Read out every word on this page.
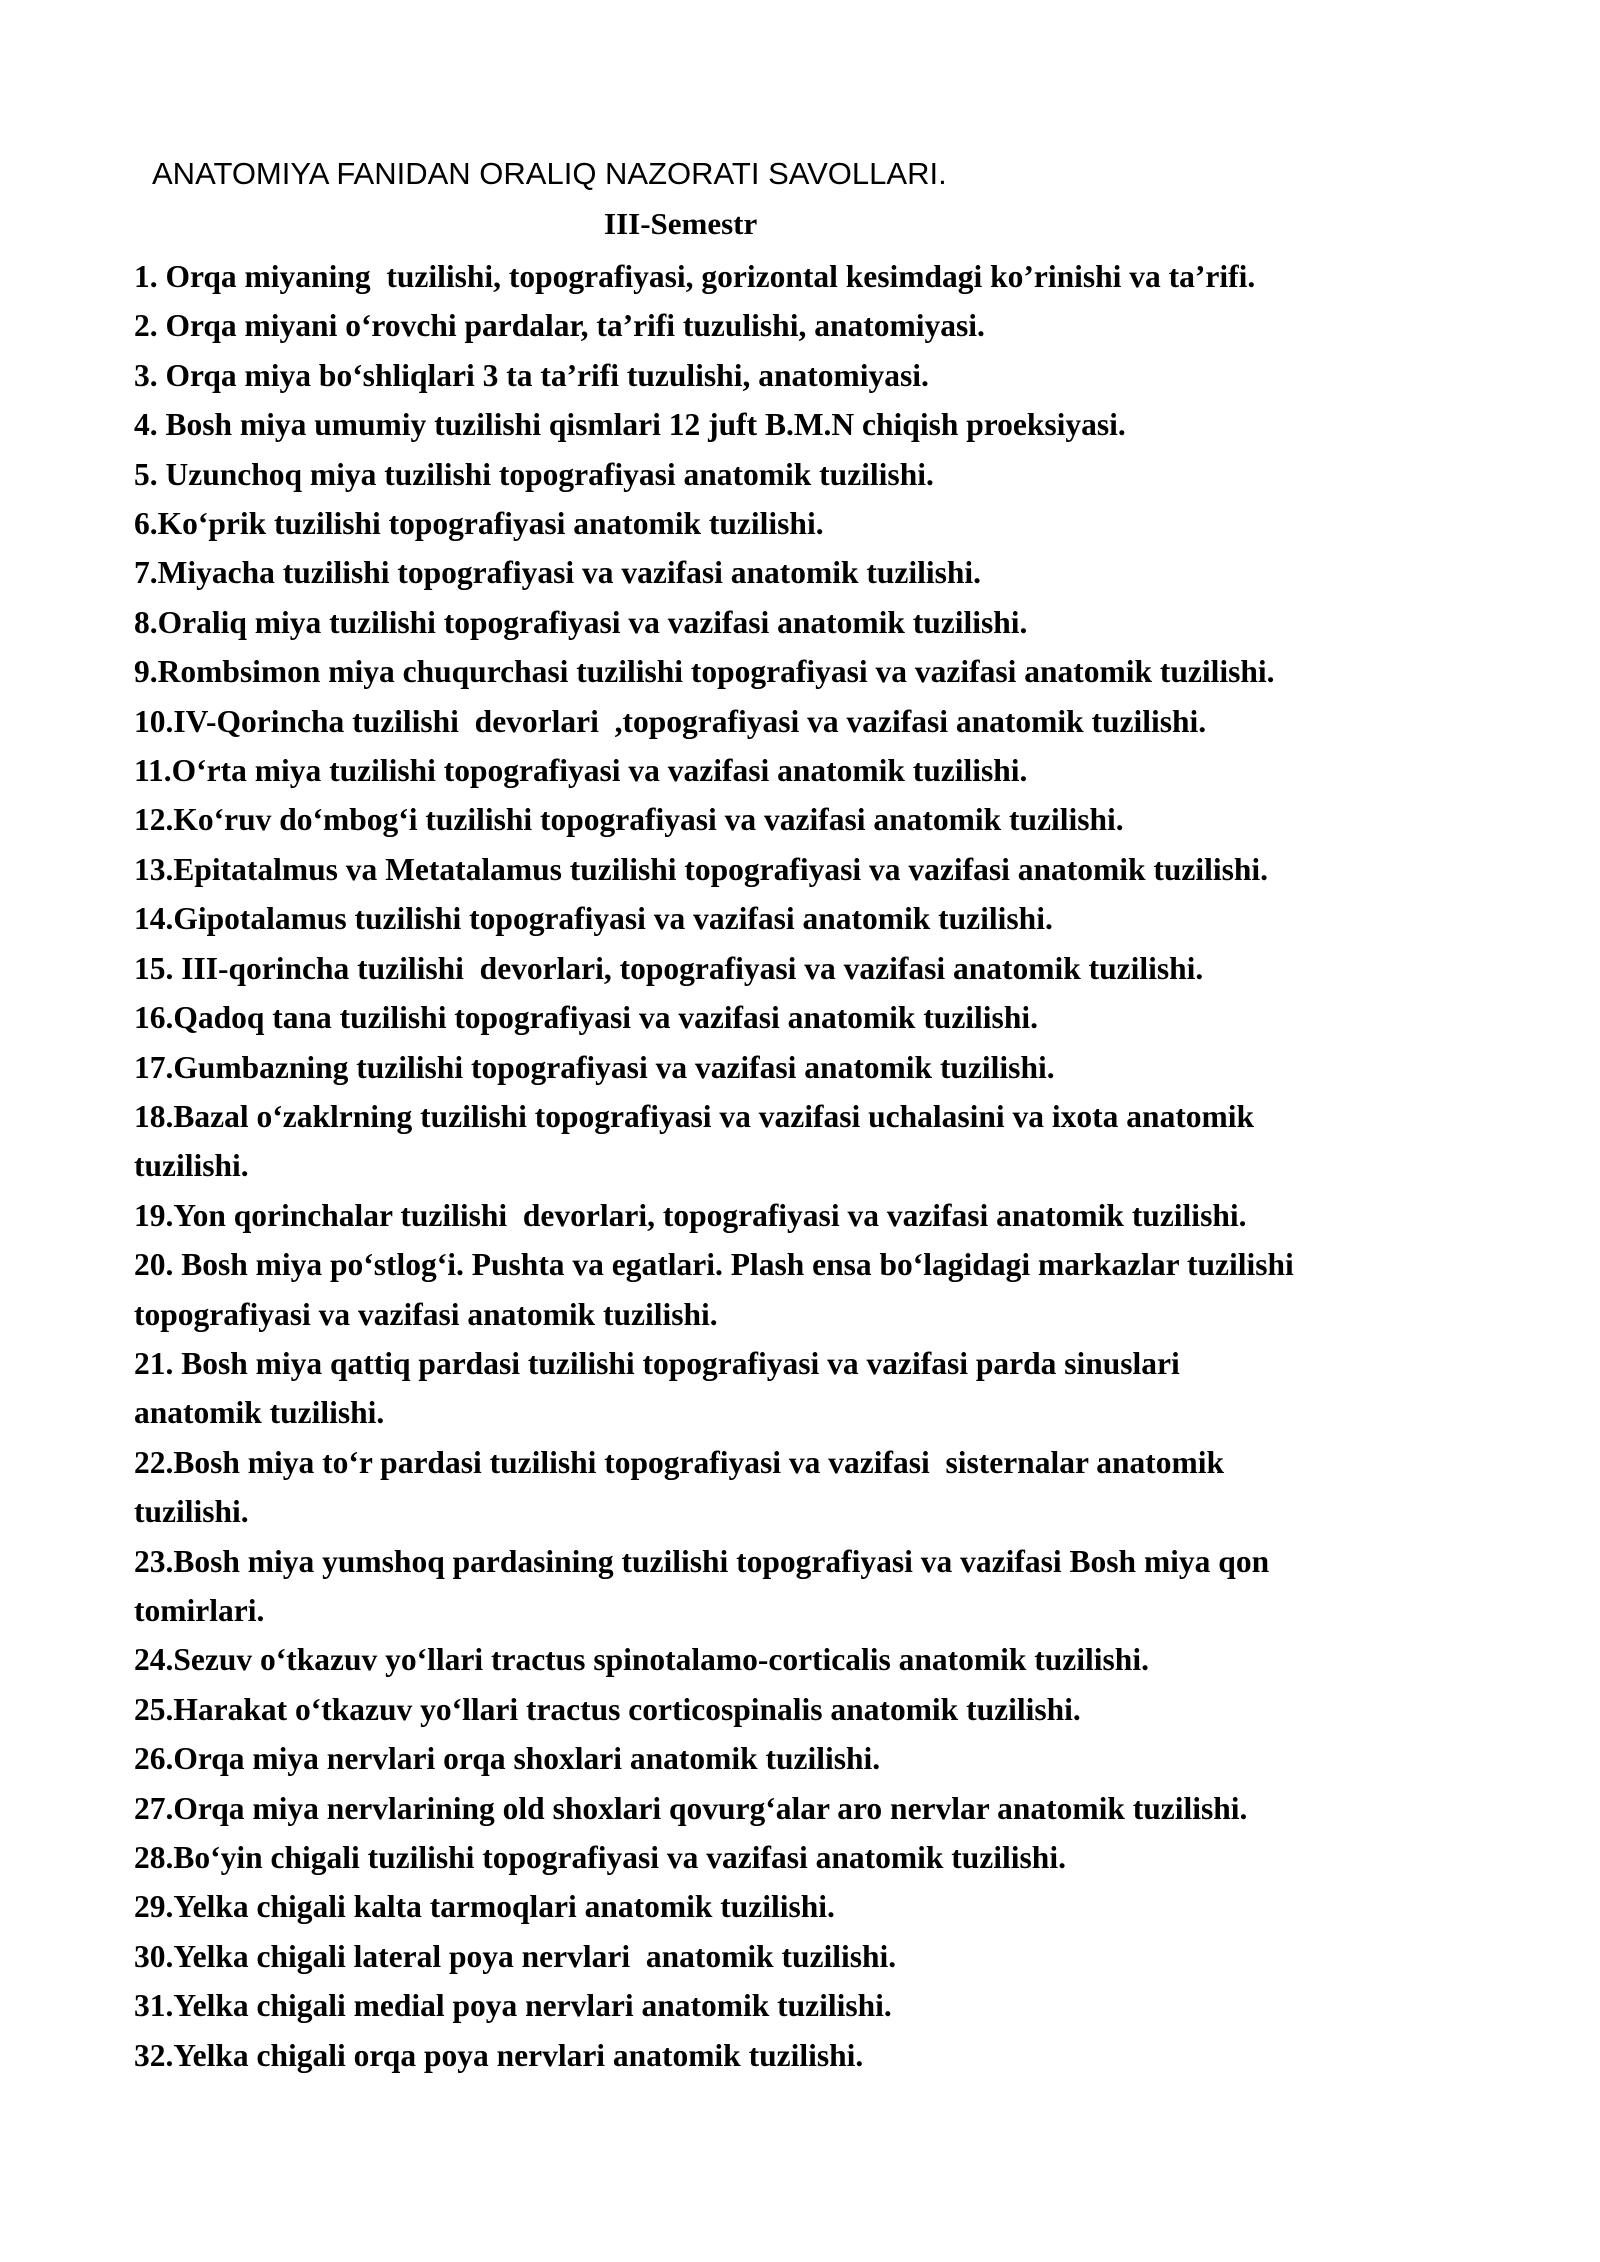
ANATOMIYA FANIDAN ORALIQ NAZORATI SAVOLLARI.
III-Semestr
1. Orqa miyaning  tuzilishi, topografiyasi, gorizontal kesimdagi ko’rinishi va ta’rifi.
2. Orqa miyani o‘rovchi pardalar, ta’rifi tuzulishi, anatomiyasi.
3. Orqa miya bo‘shliqlari 3 ta ta’rifi tuzulishi, anatomiyasi.
4. Bosh miya umumiy tuzilishi qismlari 12 juft B.M.N chiqish proeksiyasi.
5. Uzunchoq miya tuzilishi topografiyasi anatomik tuzilishi.
6.Ko‘prik tuzilishi topografiyasi anatomik tuzilishi.
7.Miyacha tuzilishi topografiyasi va vazifasi anatomik tuzilishi.
8.Oraliq miya tuzilishi topografiyasi va vazifasi anatomik tuzilishi.
9.Rombsimon miya chuqurchasi tuzilishi topografiyasi va vazifasi anatomik tuzilishi.
10.IV-Qorincha tuzilishi  devorlari  ,topografiyasi va vazifasi anatomik tuzilishi.
11.O‘rta miya tuzilishi topografiyasi va vazifasi anatomik tuzilishi.
12.Ko‘ruv do‘mbog‘i tuzilishi topografiyasi va vazifasi anatomik tuzilishi.
13.Epitatalmus va Metatalamus tuzilishi topografiyasi va vazifasi anatomik tuzilishi.
14.Gipotalamus tuzilishi topografiyasi va vazifasi anatomik tuzilishi.
15. III-qorincha tuzilishi  devorlari, topografiyasi va vazifasi anatomik tuzilishi.
16.Qadoq tana tuzilishi topografiyasi va vazifasi anatomik tuzilishi.
17.Gumbazning tuzilishi topografiyasi va vazifasi anatomik tuzilishi.
18.Bazal o‘zaklrning tuzilishi topografiyasi va vazifasi uchalasini va ixota anatomik
tuzilishi.
19.Yon qorinchalar tuzilishi  devorlari, topografiyasi va vazifasi anatomik tuzilishi.
20. Bosh miya po‘stlog‘i. Pushta va egatlari. Plash ensa bo‘lagidagi markazlar tuzilishi
topografiyasi va vazifasi anatomik tuzilishi.
21. Bosh miya qattiq pardasi tuzilishi topografiyasi va vazifasi parda sinuslari
anatomik tuzilishi.
22.Bosh miya to‘r pardasi tuzilishi topografiyasi va vazifasi  sisternalar anatomik
tuzilishi.
23.Bosh miya yumshoq pardasining tuzilishi topografiyasi va vazifasi Bosh miya qon
tomirlari.
24.Sezuv o‘tkazuv yo‘llari tractus spinotalamo-corticalis anatomik tuzilishi.
25.Harakat o‘tkazuv yo‘llari tractus corticospinalis anatomik tuzilishi.
26.Orqa miya nervlari orqa shoxlari anatomik tuzilishi.
27.Orqa miya nervlarining old shoxlari qovurg‘alar aro nervlar anatomik tuzilishi.
28.Bo‘yin chigali tuzilishi topografiyasi va vazifasi anatomik tuzilishi.
29.Yelka chigali kalta tarmoqlari anatomik tuzilishi.
30.Yelka chigali lateral poya nervlari  anatomik tuzilishi.
31.Yelka chigali medial poya nervlari anatomik tuzilishi.
32.Yelka chigali orqa poya nervlari anatomik tuzilishi.
